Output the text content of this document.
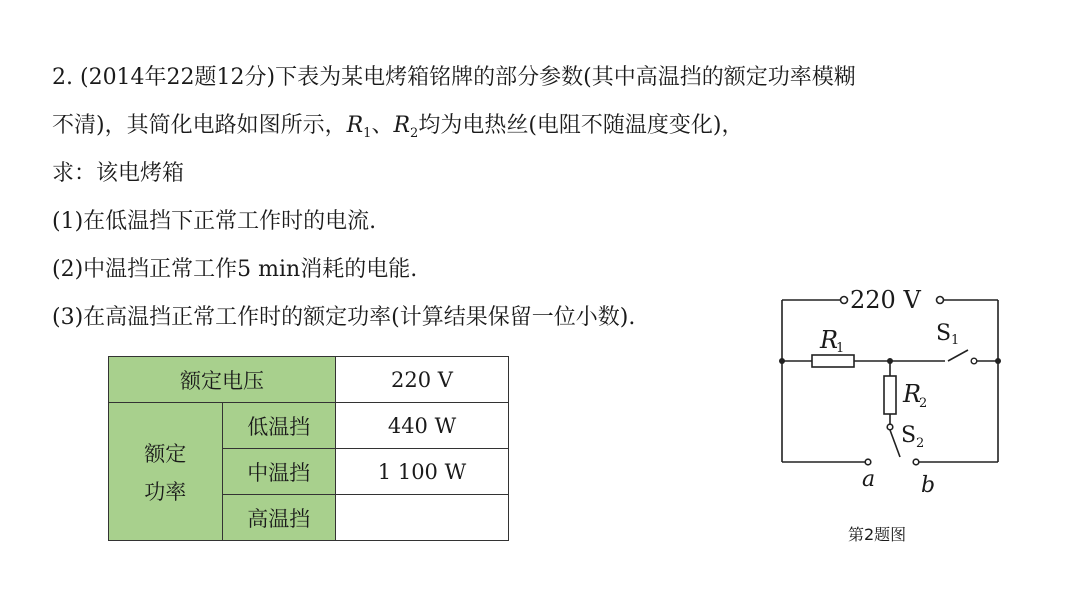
2. (2014年22题12分)下表为某电烤箱铭牌的部分参数(其中高温挡的额定功率模糊
不清)，其简化电路如图所示，$R_1$、$R_2$均为电热丝(电阻不随温度变化)，
求：该电烤箱
(1)在低温挡下正常工作时的电流.
(2)中温挡正常工作5 min消耗的电能.
(3)在高温挡正常工作时的额定功率(计算结果保留一位小数).
额定电压		220 V

额定
功率	低温挡	440 W
	中温挡	1 100 W
	高温挡	
220 V
R
1
S 1
R
2
S 2
a b
第2题图
